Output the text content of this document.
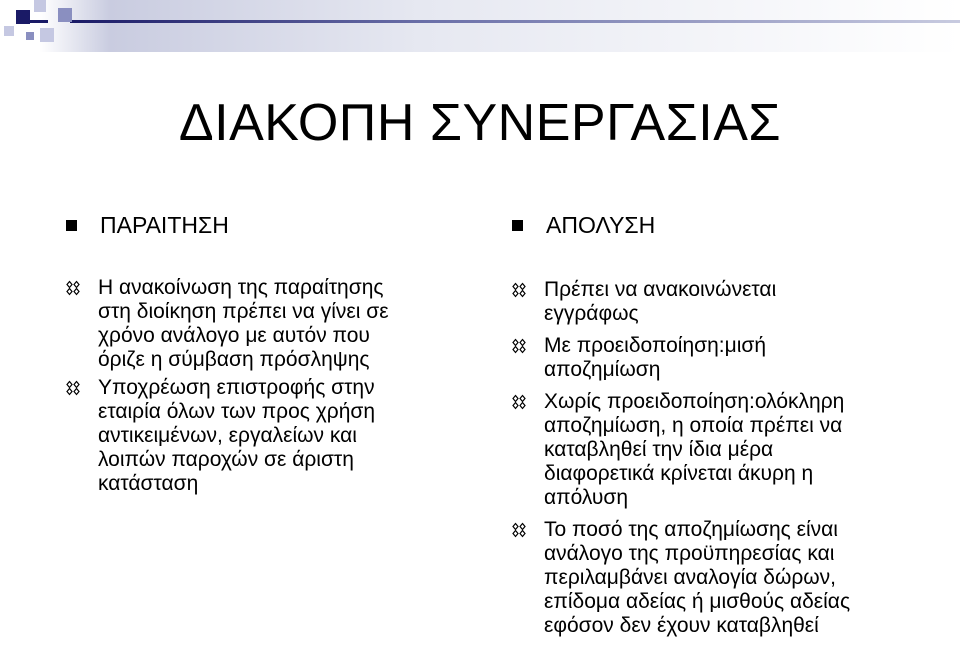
ΔΙΑΚΟΠΗ ΣΥΝΕΡΓΑΣΙΑΣ
ΠΑΡΑΙΤΗΣΗ
Η ανακοίνωση της παραίτησης
στη διοίκηση πρέπει να γίνει σε
χρόνο ανάλογο με αυτόν που
όριζε η σύμβαση πρόσληψης
Υποχρέωση επιστροφής στην
εταιρία όλων των προς χρήση
αντικειμένων, εργαλείων και
λοιπών παροχών σε άριστη
κατάσταση
ΑΠΟΛΥΣΗ
Πρέπει να ανακοινώνεται
εγγράφως
Με προειδοποίηση:μισή
αποζημίωση
Χωρίς προειδοποίηση:ολόκληρη
αποζημίωση, η οποία πρέπει να
καταβληθεί την ίδια μέρα
διαφορετικά κρίνεται άκυρη η
απόλυση
Το ποσό της αποζημίωσης είναι
ανάλογο της προϋπηρεσίας και
περιλαμβάνει αναλογία δώρων,
επίδομα αδείας ή μισθούς αδείας
εφόσον δεν έχουν καταβληθεί
